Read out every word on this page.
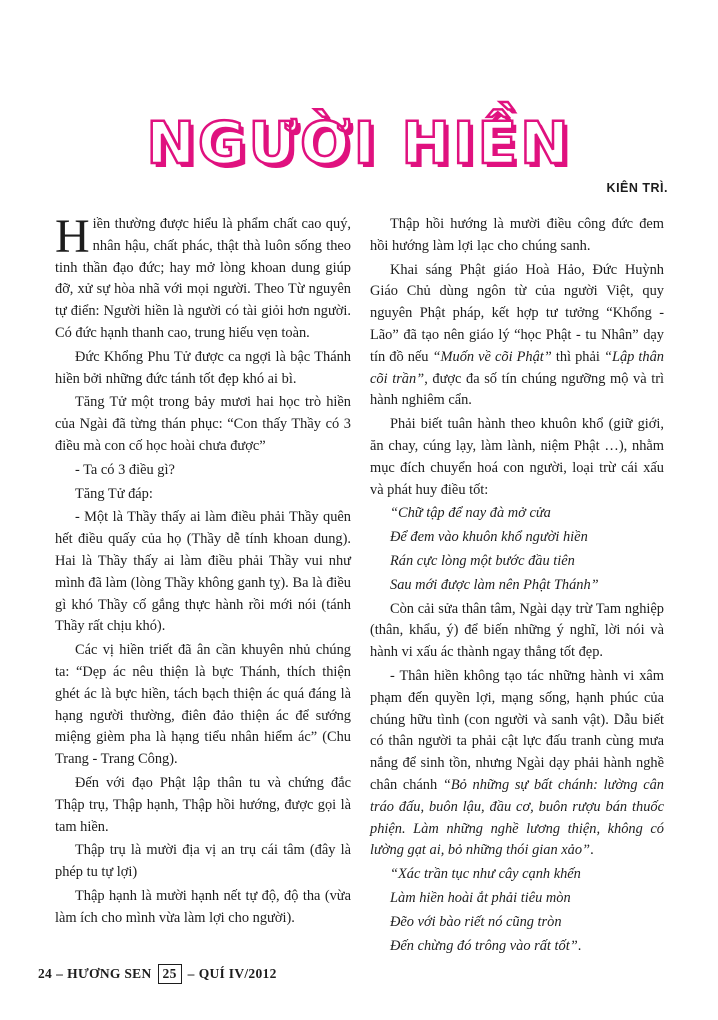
NGƯỜI HIỀN
KIÊN TRÌ.

Hiền thường được hiểu là phẩm chất cao quý, nhân hậu, chất phác, thật thà luôn sống theo tinh thần đạo đức; hay mở lòng khoan dung giúp đỡ, xử sự hòa nhã với mọi người. Theo Từ nguyên tự điển: Người hiền là người có tài giỏi hơn người. Có đức hạnh thanh cao, trung hiếu vẹn toàn.

Đức Khổng Phu Tử được ca ngợi là bậc Thánh hiền bởi những đức tánh tốt đẹp khó ai bì.

Tăng Tử một trong bảy mươi hai học trò hiền của Ngài đã từng thán phục: “Con thấy Thầy có 3 điều mà con cố học hoài chưa được”

- Ta có 3 điều gì?

Tăng Tử đáp:

- Một là Thầy thấy ai làm điều phải Thầy quên hết điều quấy của họ (Thầy dễ tính khoan dung). Hai là Thầy thấy ai làm điều phải Thầy vui như mình đã làm (lòng Thầy không ganh tỵ). Ba là điều gì khó Thầy cố gắng thực hành rồi mới nói (tánh Thầy rất chịu khó).

Các vị hiền triết đã ân cần khuyên nhủ chúng ta: “Dẹp ác nêu thiện là bực Thánh, thích thiện ghét ác là bực hiền, tách bạch thiện ác quá đáng là hạng người thường, điên đảo thiện ác để sướng miệng gièm pha là hạng tiểu nhân hiểm ác” (Chu Trang - Trang Công).

Đến với đạo Phật lập thân tu và chứng đắc Thập trụ, Thập hạnh, Thập hồi hướng, được gọi là tam hiền.

Thập trụ là mười địa vị an trụ cái tâm (đây là phép tu tự lợi)

Thập hạnh là mười hạnh nết tự độ, độ tha (vừa làm ích cho mình vừa làm lợi cho người).

Thập hồi hướng là mười điều công đức đem hồi hướng làm lợi lạc cho chúng sanh.

Khai sáng Phật giáo Hoà Hảo, Đức Huỳnh Giáo Chủ dùng ngôn từ của người Việt, quy nguyên Phật pháp, kết hợp tư tưởng “Khổng - Lão” đã tạo nên giáo lý “học Phật - tu Nhân” dạy tín đồ nếu “Muốn về cõi Phật” thì phải “Lập thân cõi trần”, được đa số tín chúng ngưỡng mộ và trì hành nghiêm cẩn.

Phải biết tuân hành theo khuôn khổ (giữ giới, ăn chay, cúng lạy, làm lành, niệm Phật …), nhằm mục đích chuyển hoá con người, loại trừ cái xấu và phát huy điều tốt:

“Chữ tập để nay đà mở cửa

Để đem vào khuôn khổ người hiền

Rán cực lòng một bước đầu tiên

Sau mới được làm nên Phật Thánh”

Còn cải sửa thân tâm, Ngài dạy trừ Tam nghiệp (thân, khẩu, ý) để biến những ý nghĩ, lời nói và hành vi xấu ác thành ngay thẳng tốt đẹp.

- Thân hiền không tạo tác những hành vi xâm phạm đến quyền lợi, mạng sống, hạnh phúc của chúng hữu tình (con người và sanh vật). Dẫu biết có thân người ta phải cật lực đấu tranh cùng mưa nắng để sinh tồn, nhưng Ngài dạy phải hành nghề chân chánh “Bỏ những sự bất chánh: lường cân tráo đấu, buôn lậu, đầu cơ, buôn rượu bán thuốc phiện. Làm những nghề lương thiện, không có lường gạt ai, bỏ những thói gian xảo”.

“Xác trần tục như cây cạnh khến

Làm hiền hoài ắt phải tiêu mòn

Đẽo với bào riết nó cũng tròn

Đến chừng đó trông vào rất tốt”.

24 – HƯƠNG SEN 25 – QUÍ IV/2012
